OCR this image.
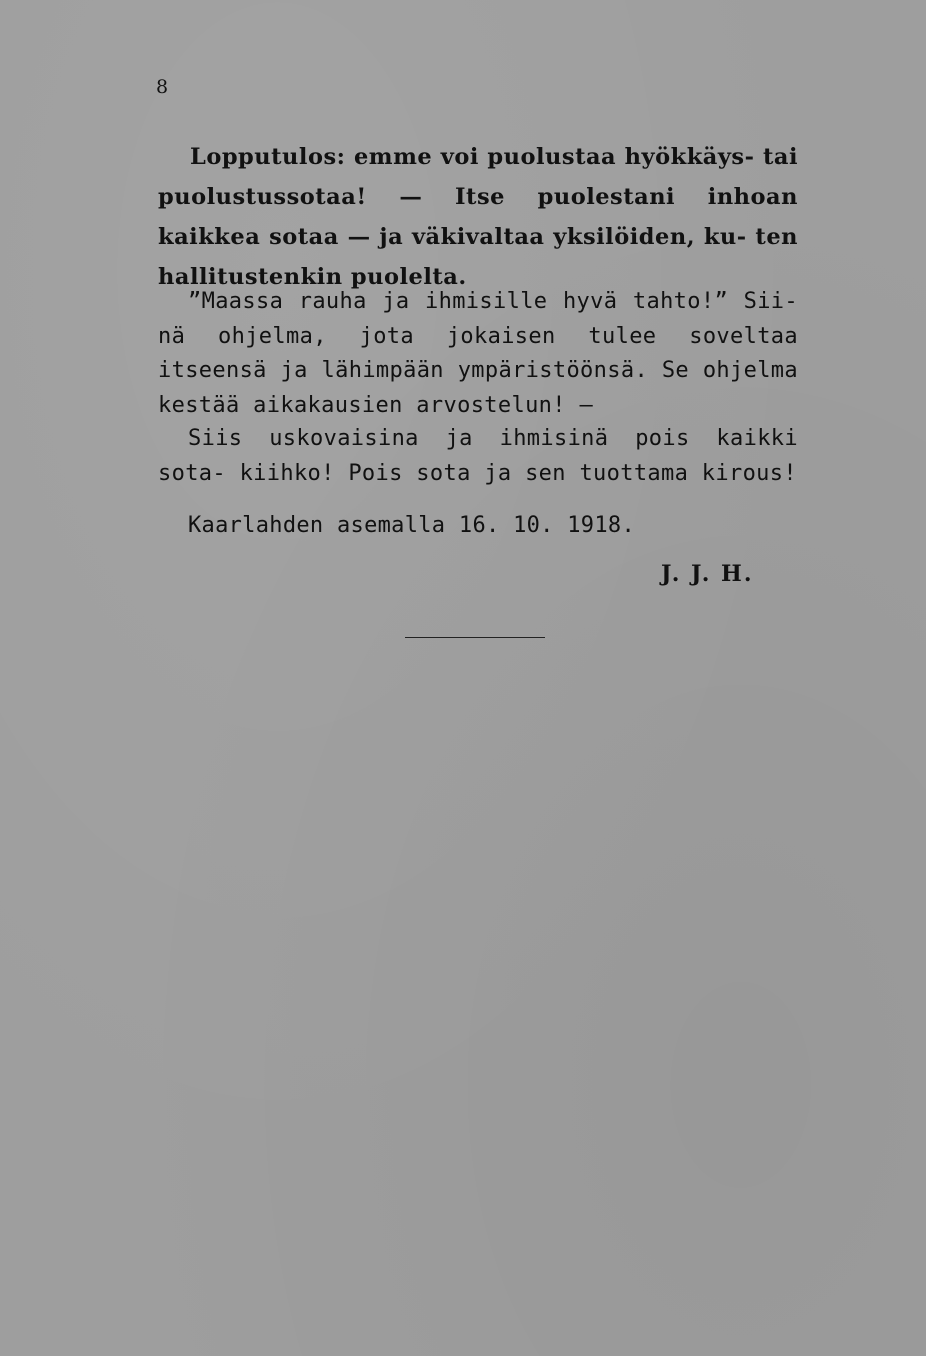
8

Lopputulos: emme voi puolustaa hyökkäys- tai puolustussotaa! — Itse puolestani inhoan kaikkea sotaa — ja väkivaltaa yksilöiden, ku- ten hallitustenkin puolelta.

”Maassa rauha ja ihmisille hyvä tahto!” Sii- nä ohjelma, jota jokaisen tulee soveltaa itseensä ja lähimpään ympäristöönsä. Se ohjelma kestää aikakausien arvostelun! —

Siis uskovaisina ja ihmisinä pois kaikki sota- kiihko! Pois sota ja sen tuottama kirous!

Kaarlahden asemalla 16. 10. 1918.
J. J. H.
